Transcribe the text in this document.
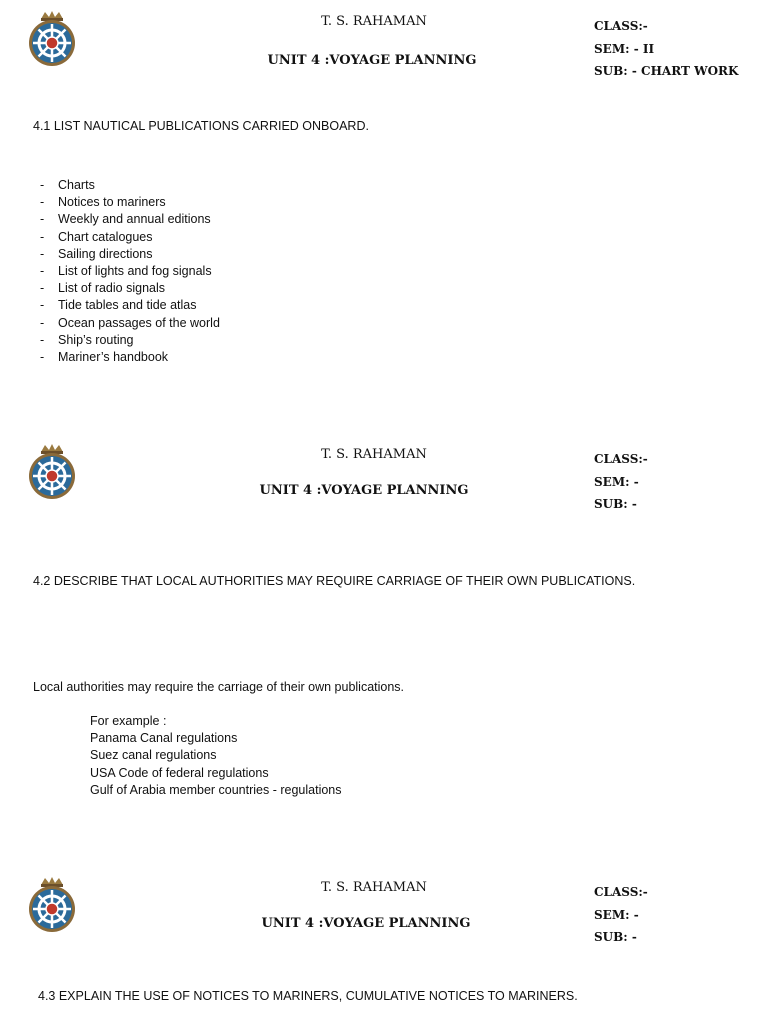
T. S. RAHAMAN
UNIT 4 :VOYAGE PLANNING
CLASS:-
SEM: - II
SUB: - CHART WORK
4.1 LIST NAUTICAL PUBLICATIONS CARRIED ONBOARD.
- Charts
- Notices to mariners
- Weekly and annual editions
- Chart catalogues
- Sailing directions
- List of lights and fog signals
- List of radio signals
- Tide tables and tide atlas
- Ocean passages of the world
- Ship’s routing
- Mariner’s handbook
T. S. RAHAMAN
UNIT 4 :VOYAGE PLANNING
CLASS:-
SEM: -
SUB: -
4.2 DESCRIBE THAT LOCAL AUTHORITIES MAY REQUIRE CARRIAGE OF THEIR OWN PUBLICATIONS.
Local authorities may require the carriage of their own publications.
For example :
Panama Canal regulations
Suez canal regulations
USA Code of federal regulations
Gulf of Arabia member countries - regulations
T. S. RAHAMAN
UNIT 4 :VOYAGE PLANNING
CLASS:-
SEM: -
SUB: -
4.3 EXPLAIN THE USE OF NOTICES TO MARINERS, CUMULATIVE NOTICES TO MARINERS.
